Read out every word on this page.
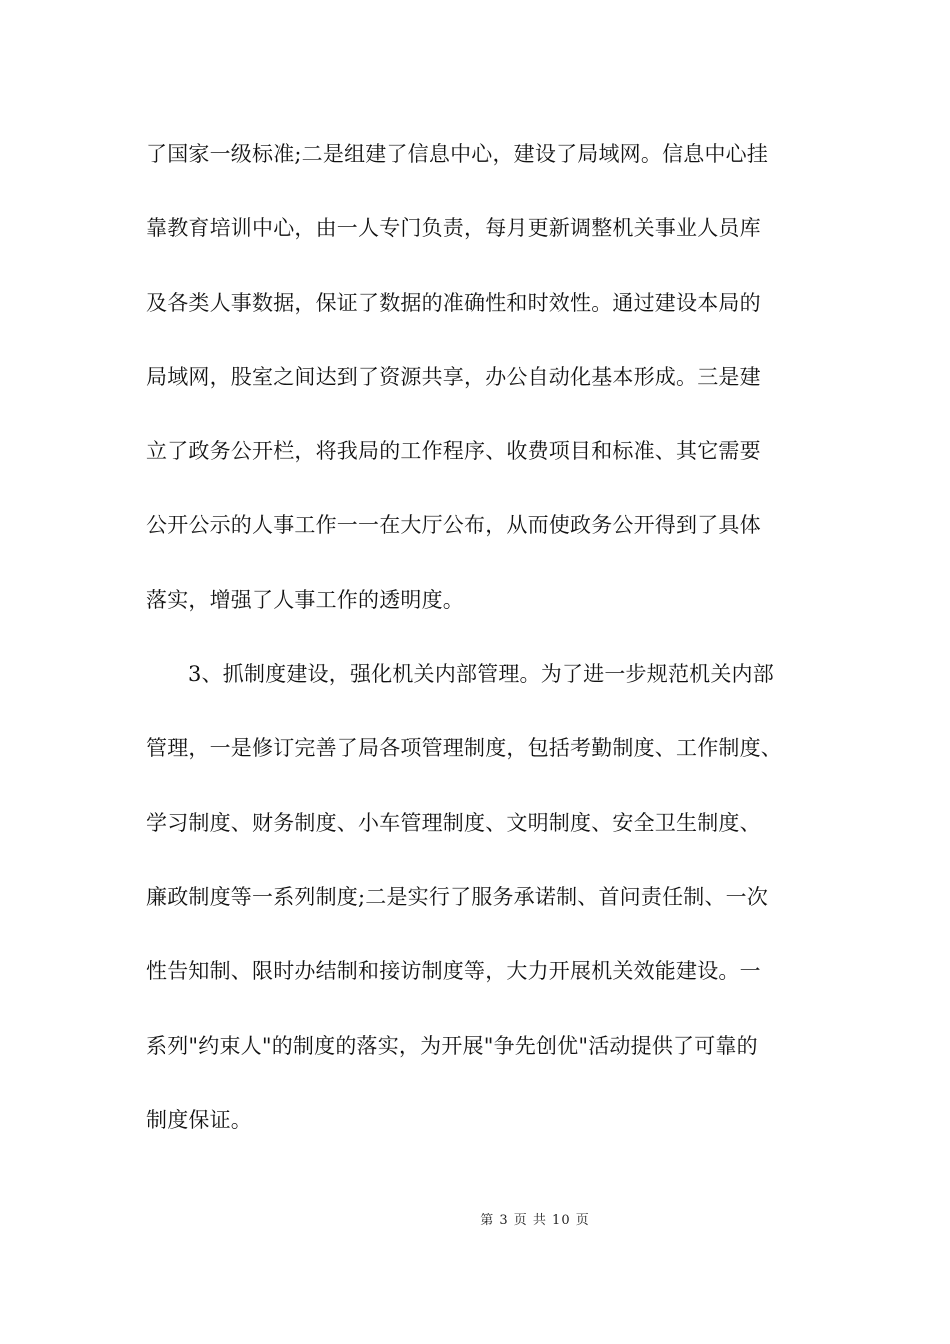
了国家一级标准;二是组建了信息中心，建设了局域网。信息中心挂
靠教育培训中心，由一人专门负责，每月更新调整机关事业人员库
及各类人事数据，保证了数据的准确性和时效性。通过建设本局的
局域网，股室之间达到了资源共享，办公自动化基本形成。三是建
立了政务公开栏，将我局的工作程序、收费项目和标准、其它需要
公开公示的人事工作一一在大厅公布，从而使政务公开得到了具体
落实，增强了人事工作的透明度。
3、抓制度建设，强化机关内部管理。为了进一步规范机关内部
管理，一是修订完善了局各项管理制度，包括考勤制度、工作制度、
学习制度、财务制度、小车管理制度、文明制度、安全卫生制度、
廉政制度等一系列制度;二是实行了服务承诺制、首问责任制、一次
性告知制、限时办结制和接访制度等，大力开展机关效能建设。一
系列"约束人"的制度的落实，为开展"争先创优"活动提供了可靠的
制度保证。
第 3 页 共 10 页
